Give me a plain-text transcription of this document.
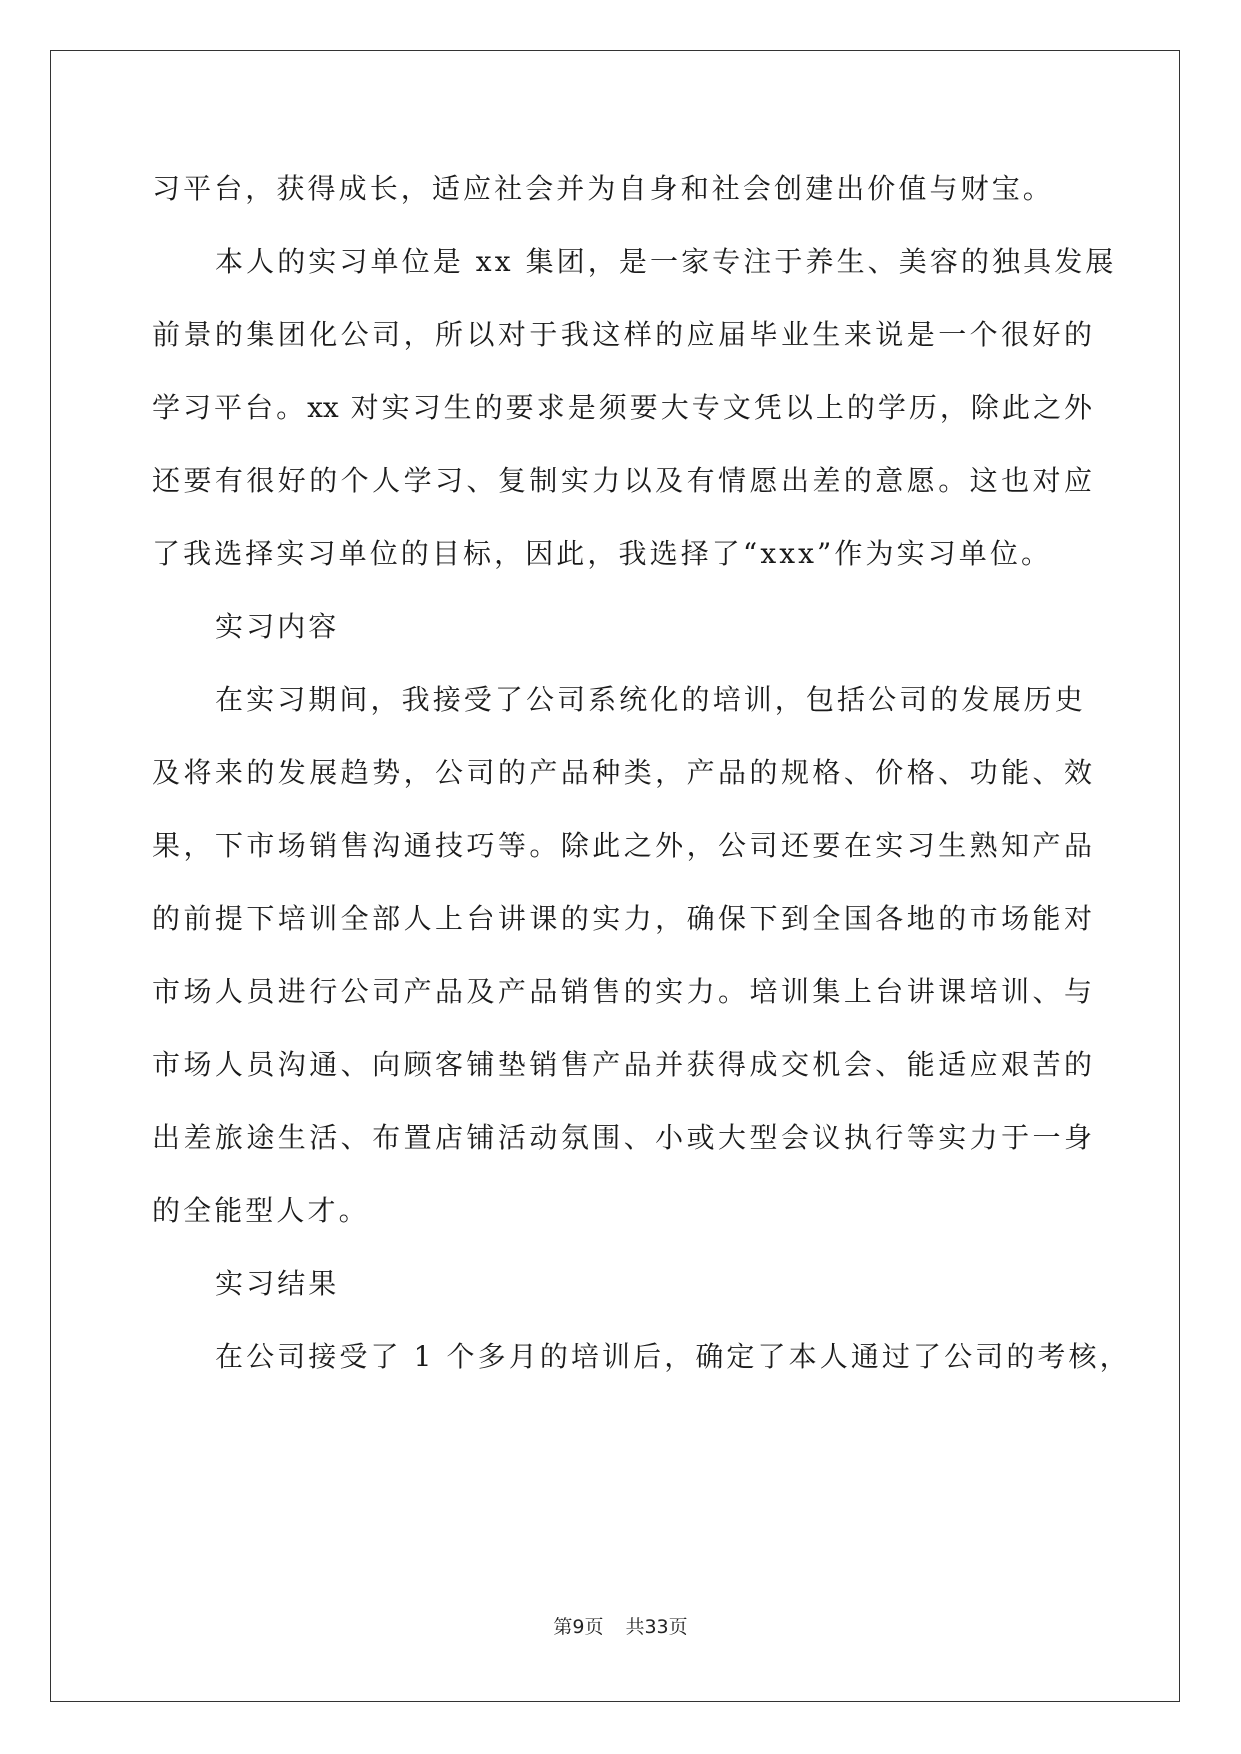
习平台，获得成长，适应社会并为自身和社会创建出价值与财宝。
本人的实习单位是 xx 集团，是一家专注于养生、美容的独具发展
前景的集团化公司，所以对于我这样的应届毕业生来说是一个很好的
学习平台。xx 对实习生的要求是须要大专文凭以上的学历，除此之外
还要有很好的个人学习、复制实力以及有情愿出差的意愿。这也对应
了我选择实习单位的目标，因此，我选择了“xxx”作为实习单位。
实习内容
在实习期间，我接受了公司系统化的培训，包括公司的发展历史
及将来的发展趋势，公司的产品种类，产品的规格、价格、功能、效
果，下市场销售沟通技巧等。除此之外，公司还要在实习生熟知产品
的前提下培训全部人上台讲课的实力，确保下到全国各地的市场能对
市场人员进行公司产品及产品销售的实力。培训集上台讲课培训、与
市场人员沟通、向顾客铺垫销售产品并获得成交机会、能适应艰苦的
出差旅途生活、布置店铺活动氛围、小或大型会议执行等实力于一身
的全能型人才。
实习结果
在公司接受了 1 个多月的培训后，确定了本人通过了公司的考核，
第9页 共33页
